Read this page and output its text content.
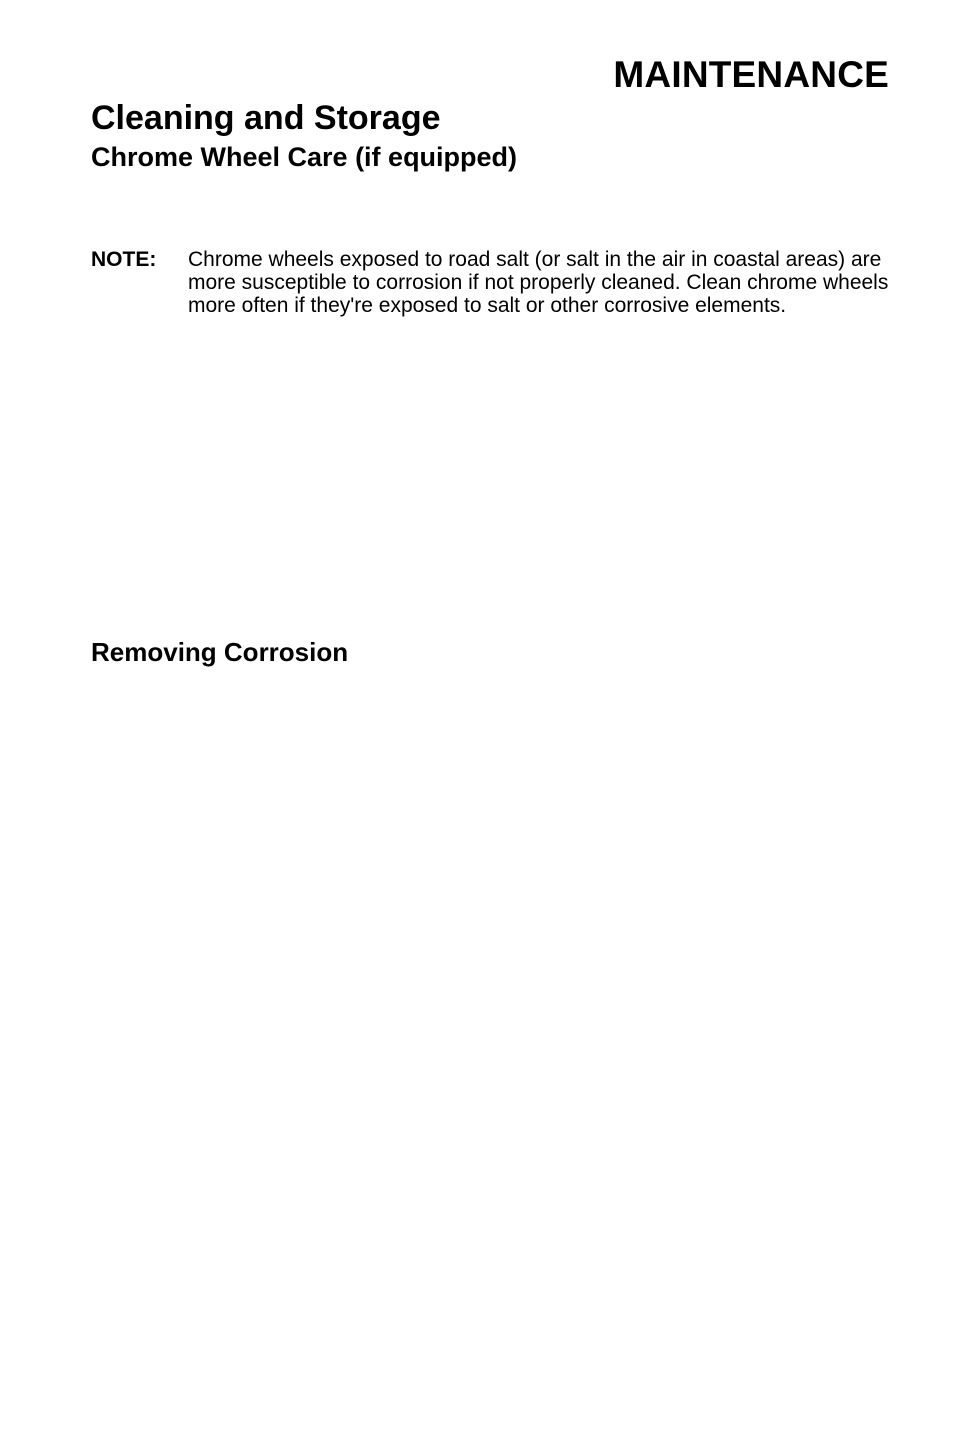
MAINTENANCE
Cleaning and Storage
Chrome Wheel Care (if equipped)
NOTE: Chrome wheels exposed to road salt (or salt in the air in coastal areas) are more susceptible to corrosion if not properly cleaned. Clean chrome wheels more often if they're exposed to salt or other corrosive elements.

Removing Corrosion
